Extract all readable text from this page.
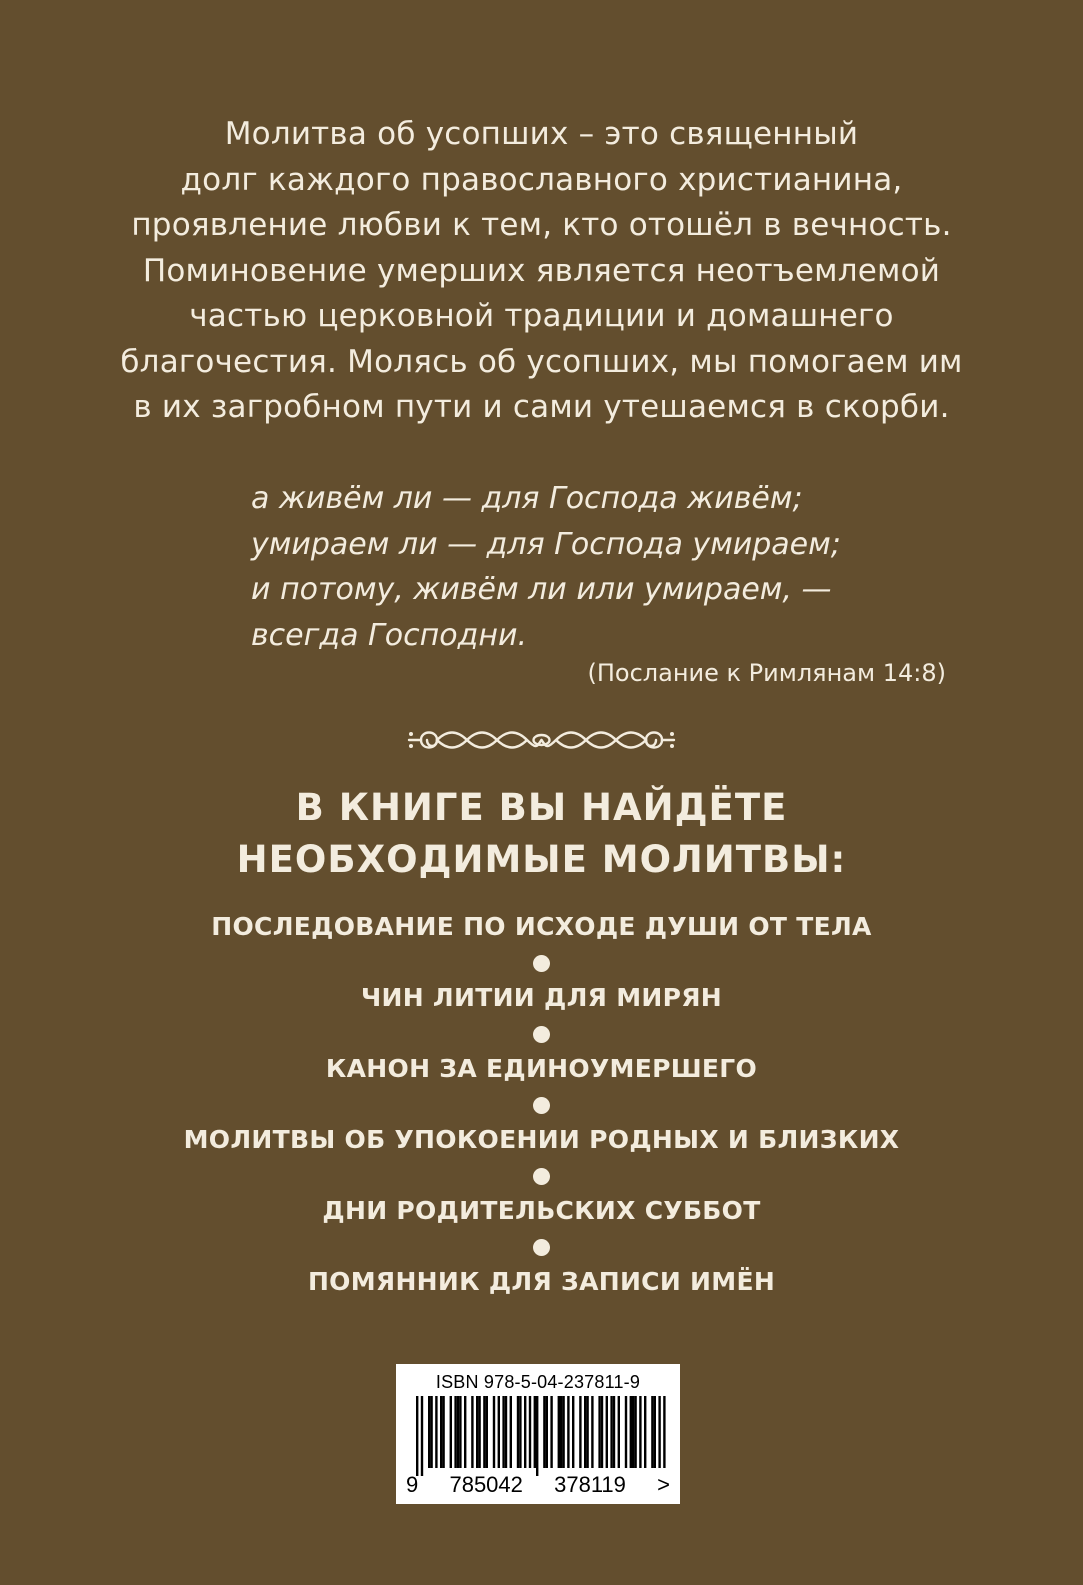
Молитва об усопших – это священный
долг каждого православного христианина,
проявление любви к тем, кто отошёл в вечность.
Поминовение умерших является неотъемлемой
частью церковной традиции и домашнего
благочестия. Молясь об усопших, мы помогаем им
в их загробном пути и сами утешаемся в скорби.
а живём ли — для Господа живём;
умираем ли — для Господа умираем;
и потому, живём ли или умираем, —
всегда Господни.
(Послание к Римлянам 14:8)
В КНИГЕ ВЫ НАЙДЁТЕ
НЕОБХОДИМЫЕ МОЛИТВЫ:
ПОСЛЕДОВАНИЕ ПО ИСХОДЕ ДУШИ ОТ ТЕЛА
ЧИН ЛИТИИ ДЛЯ МИРЯН
КАНОН ЗА ЕДИНОУМЕРШЕГО
МОЛИТВЫ ОБ УПОКОЕНИИ РОДНЫХ И БЛИЗКИХ
ДНИ РОДИТЕЛЬСКИХ СУББОТ
ПОМЯННИК ДЛЯ ЗАПИСИ ИМЁН
ISBN 978-5-04-237811-9
9 785042 378119 >
